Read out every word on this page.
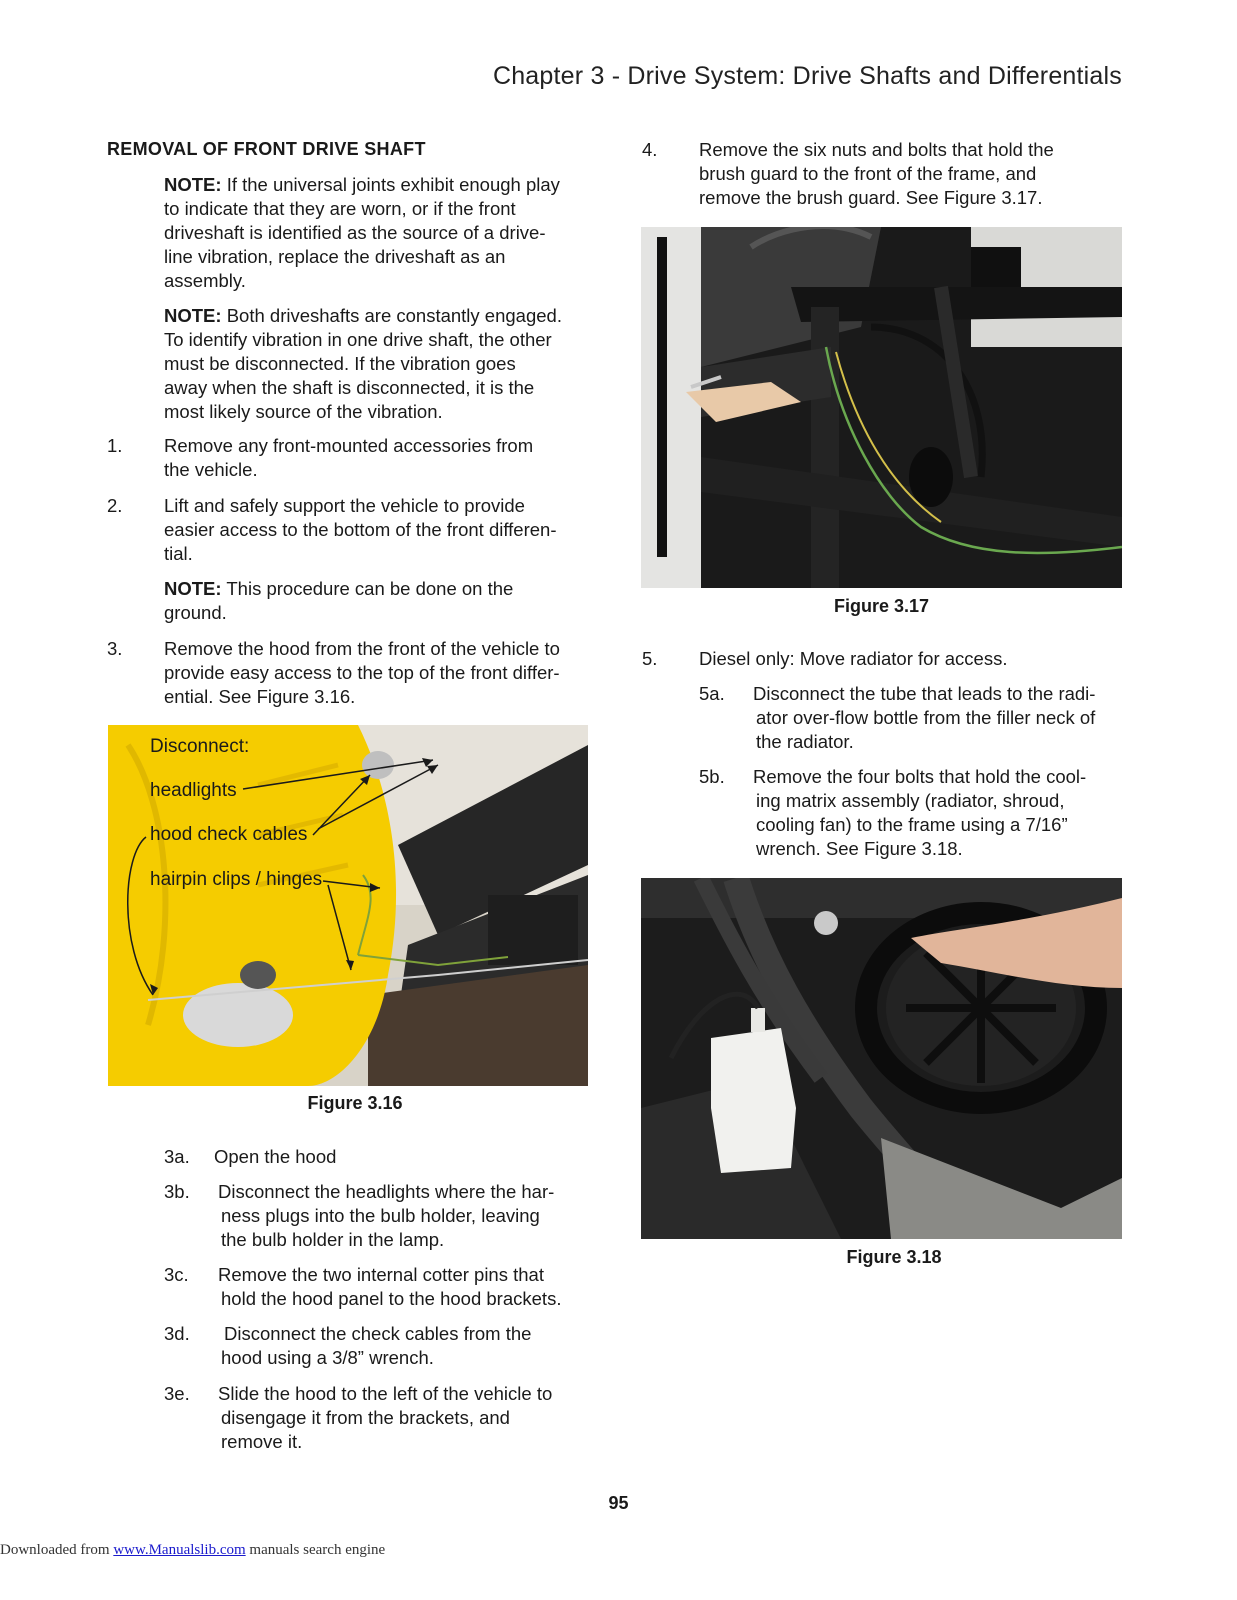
Chapter 3 - Drive System: Drive Shafts and Differentials
REMOVAL OF FRONT DRIVE SHAFT
NOTE: If the universal joints exhibit enough play
to indicate that they are worn, or if the front
driveshaft is identified as the source of a drive-
line vibration, replace the driveshaft as an
assembly.
NOTE: Both driveshafts are constantly engaged.
To identify vibration in one drive shaft, the other
must be disconnected. If the vibration goes
away when the shaft is disconnected, it is the
most likely source of the vibration.
1. Remove any front-mounted accessories from
the vehicle.
2. Lift and safely support the vehicle to provide
easier access to the bottom of the front differen-
tial.
NOTE: This procedure can be done on the
ground.
3. Remove the hood from the front of the vehicle to
provide easy access to the top of the front differ-
ential. See Figure 3.16.
Disconnect:
headlights
hood check cables
hairpin clips / hinges
Figure 3.16
3a. Open the hood
3b. Disconnect the headlights where the har-
ness plugs into the bulb holder, leaving
the bulb holder in the lamp.
3c. Remove the two internal cotter pins that
hold the hood panel to the hood brackets.
3d. Disconnect the check cables from the
hood using a 3/8” wrench.
3e. Slide the hood to the left of the vehicle to
disengage it from the brackets, and
remove it.
4. Remove the six nuts and bolts that hold the
brush guard to the front of the frame, and
remove the brush guard. See Figure 3.17.
Figure 3.17
5. Diesel only: Move radiator for access.
5a. Disconnect the tube that leads to the radi-
ator over-flow bottle from the filler neck of
the radiator.
5b. Remove the four bolts that hold the cool-
ing matrix assembly (radiator, shroud,
cooling fan) to the frame using a 7/16”
wrench. See Figure 3.18.
Figure 3.18
95
Downloaded from www.Manualslib.com manuals search engine
